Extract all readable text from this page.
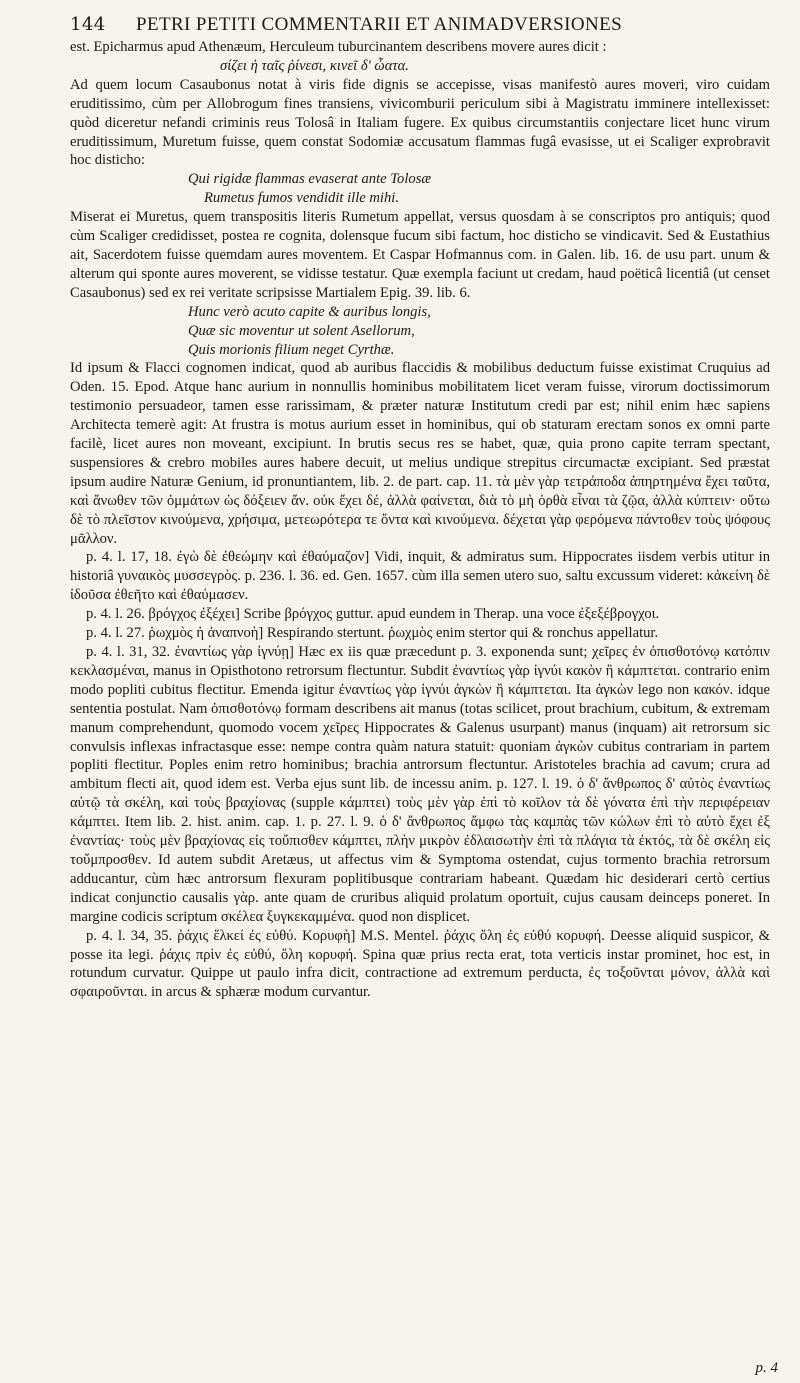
144	PETRI PETITI COMMENTARII ET ANIMADVERSIONES

est. Epicharmus apud Athenæum, Herculeum tuburcinantem describens movere aures dicit :

σίζει ἡ ταῖς ῥίνεσι, κινεῖ δ' ὦατα.

Ad quem locum Casaubonus notat à viris fide dignis se accepisse, visas manifestò aures moveri, viro cuidam eruditissimo, cùm per Allobrogum fines transiens, vivicomburii periculum sibi à Magistratu imminere intellexisset: quòd diceretur nefandi criminis reus Tolosâ in Italiam fugere. Ex quibus circumstantiis conjectare licet hunc virum eruditissimum, Muretum fuisse, quem constat Sodomiæ accusatum flammas fugâ evasisse, ut ei Scaliger exprobravit hoc disticho:

Qui rigidæ flammas evaserat ante Tolosæ

Rumetus fumos vendidit ille mihi.

Miserat ei Muretus, quem transpositis literis Rumetum appellat, versus quosdam à se conscriptos pro antiquis; quod cùm Scaliger credidisset, postea re cognita, dolensque fucum sibi factum, hoc disticho se vindicavit. Sed & Eustathius ait, Sacerdotem fuisse quemdam aures moventem. Et Caspar Hofmannus com. in Galen. lib. 16. de usu part. unum & alterum qui sponte aures moverent, se vidisse testatur. Quæ exempla faciunt ut credam, haud poëticâ licentiâ (ut censet Casaubonus) sed ex rei veritate scripsisse Martialem Epig. 39. lib. 6.

Hunc verò acuto capite & auribus longis,

Quæ sic moventur ut solent Asellorum,

Quis morionis filium neget Cyrthæ.

Id ipsum & Flacci cognomen indicat, quod ab auribus flaccidis & mobilibus deductum fuisse existimat Cruquius ad Oden. 15. Epod. Atque hanc aurium in nonnullis hominibus mobilitatem licet veram fuisse, virorum doctissimorum testimonio persuadeor, tamen esse rarissimam, & præter naturæ Institutum credi par est; nihil enim hæc sapiens Architecta temerè agit: At frustra is motus aurium esset in hominibus, qui ob staturam erectam sonos ex omni parte facilè, licet aures non moveant, excipiunt. In brutis secus res se habet, quæ, quia prono capite terram spectant, suspensiores & crebro mobiles aures habere decuit, ut melius undique strepitus circumactæ excipiant. Sed præstat ipsum audire Naturæ Genium, id pronuntiantem, lib. 2. de part. cap. 11. τὰ μὲν γὰρ τετράποδα ἀπηρτημένα ἔχει ταῦτα, καὶ ἄνωθεν τῶν ὀμμάτων ὡς δόξειεν ἄν. οὐκ ἔχει δέ, ἀλλὰ φαίνεται, διὰ τὸ μὴ ὀρθὰ εἶναι τὰ ζῷα, ἀλλὰ κύπτειν· οὕτω δὲ τὸ πλεῖστον κινούμενα, χρήσιμα, μετεωρότερα τε ὄντα καὶ κινούμενα. δέχεται γὰρ φερόμενα πάντοθεν τοὺς ψόφους μᾶλλον.

p. 4. l. 17, 18. ἐγὼ δὲ ἐθεώμην καὶ ἐθαύμαζον] Vidi, inquit, & admiratus sum. Hippocrates iisdem verbis utitur in historiâ γυναικὸς μυσσεγρὸς. p. 236. l. 36. ed. Gen. 1657. cùm illa semen utero suo, saltu excussum videret: κἀκείνη δὲ ἰδοῦσα ἐθεῆτο καὶ ἐθαύμασεν.

p. 4. l. 26. βρόγχος ἐξέχει] Scribe βρόγχος guttur. apud eundem in Therap. una voce ἐξεξέβρογχοι.

p. 4. l. 27. ῥωχμὸς ἡ ἀναπνοὴ] Respirando stertunt. ῥωχμὸς enim stertor qui & ronchus appellatur.

p. 4. l. 31, 32. ἐναντίως γὰρ ἰγνύῃ] Hæc ex iis quæ præcedunt p. 3. exponenda sunt; χεῖρες ἐν ὀπισθοτόνῳ κατόπιν κεκλασμέναι, manus in Opisthotono retrorsum flectuntur. Subdit ἐναντίως γὰρ ἰγνύι κακὸν ἢ κάμπτεται. contrario enim modo popliti cubitus flectitur. Emenda igitur ἐναντίως γὰρ ἰγνύι ἀγκὼν ἢ κάμπτεται. Ita ἀγκὼν lego non κακόν. idque sententia postulat. Nam ὀπισθοτόνῳ formam describens ait manus (totas scilicet, prout brachium, cubitum, & extremam manum comprehendunt, quomodo vocem χεῖρες Hippocrates & Galenus usurpant) manus (inquam) ait retrorsum sic convulsis inflexas infractasque esse: nempe contra quàm natura statuit: quoniam ἀγκὼν cubitus contrariam in partem popliti flectitur. Poples enim retro hominibus; brachia antrorsum flectuntur. Aristoteles brachia ad cavum; crura ad ambitum flecti ait, quod idem est. Verba ejus sunt lib. de incessu anim. p. 127. l. 19. ὁ δ' ἄνθρωπος δ' αὐτὸς ἐναντίως αὐτῷ τὰ σκέλη, καὶ τοὺς βραχίονας (supple κάμπτει) τοὺς μὲν γὰρ ἐπὶ τὸ κοῖλον τὰ δὲ γόνατα ἐπὶ τὴν περιφέρειαν κάμπτει. Item lib. 2. hist. anim. cap. 1. p. 27. l. 9. ὁ δ' ἄνθρωπος ἄμφω τὰς καμπὰς τῶν κώλων ἐπὶ τὸ αὐτὸ ἔχει ἐξ ἐναντίας· τοὺς μὲν βραχίονας εἰς τοὔπισθεν κάμπτει, πλὴν μικρὸν ἐδλαισωτὴν ἐπὶ τὰ πλάγια τὰ ἐκτός, τὰ δὲ σκέλη εἰς τοὔμπροσθεν. Id autem subdit Aretæus, ut affectus vim & Symptoma ostendat, cujus tormento brachia retrorsum adducantur, cùm hæc antrorsum flexuram poplitibusque contrariam habeant. Quædam hic desiderari certò certius indicat conjunctio causalis γὰρ. ante quam de cruribus aliquid prolatum oportuit, cujus causam deinceps poneret. In margine codicis scriptum σκέλεα ξυγκεκαμμένα. quod non displicet.

p. 4. l. 34, 35. ῥάχις ἕλκεί ἐς εὐθύ. Κορυφὴ] M.S. Mentel. ῥάχις ὅλη ἐς εὐθύ κορυφή. Deesse aliquid suspicor, & posse ita legi. ῥάχις πρὶν ἐς εὐθύ, ὅλη κορυφή. Spina quæ prius recta erat, tota verticis instar prominet, hoc est, in rotundum curvatur. Quippe ut paulo infra dicit, contractione ad extremum perducta, ἐς τοξοῦνται μόνον, ἀλλὰ καὶ σφαιροῦνται. in arcus & sphæræ modum curvantur.

p. 4
